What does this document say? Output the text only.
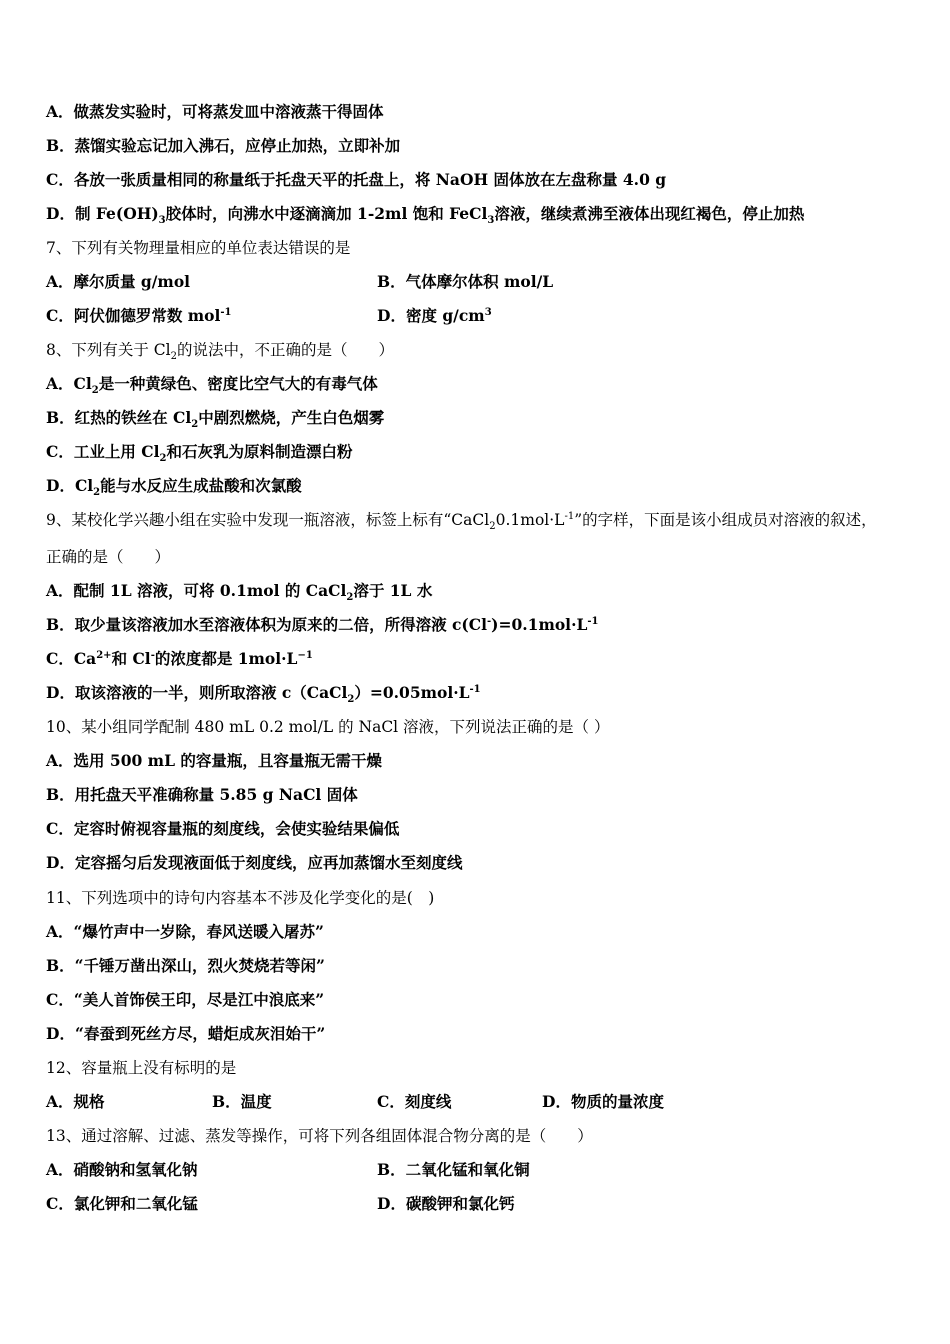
A．做蒸发实验时，可将蒸发皿中溶液蒸干得固体
B．蒸馏实验忘记加入沸石，应停止加热，立即补加
C．各放一张质量相同的称量纸于托盘天平的托盘上，将 NaOH 固体放在左盘称量 4.0 g
D．制 $Fe(OH)_3$胶体时，向沸水中逐滴滴加 1-2ml 饱和 FeCl$_3$溶液，继续煮沸至液体出现红褐色，停止加热
7、下列有关物理量相应的单位表达错误的是
A．摩尔质量 g/mol	B．气体摩尔体积 mol/L
C．阿伏伽德罗常数 mol$^{-1}$	D．密度 $g/cm^3$
8、下列有关于 $Cl_2$的说法中，不正确的是（　　）
A．$Cl_2$是一种黄绿色、密度比空气大的有毒气体
B．红热的铁丝在 $Cl_2$中剧烈燃烧，产生白色烟雾
C．工业上用 $Cl_2$和石灰乳为原料制造漂白粉
D．$Cl_2$能与水反应生成盐酸和次氯酸
9、某校化学兴趣小组在实验中发现一瓶溶液，标签上标有“$CaCl_20.1mol\cdot L^{-1}$”的字样，下面是该小组成员对溶液的叙述，
正确的是（　　）
A．配制 1L 溶液，可将 0.1mol 的 CaCl$_2$溶于 1L 水
B．取少量该溶液加水至溶液体积为原来的二倍，所得溶液 $c(Cl^-)=0.1mol\cdot L^{-1}$
C．$Ca^{2+}$和 Cl-的浓度都是 $1mol\cdot L^{-1}$
D．取该溶液的一半，则所取溶液 $c(CaCl_2)=0.05mol\cdot L^{-1}$
10、某小组同学配制 480 mL 0.2 mol/L 的 NaCl 溶液，下列说法正确的是（ ）
A．选用 500 mL 的容量瓶，且容量瓶无需干燥
B．用托盘天平准确称量 5.85 g NaCl 固体
C．定容时俯视容量瓶的刻度线，会使实验结果偏低
D．定容摇匀后发现液面低于刻度线，应再加蒸馏水至刻度线
11、下列选项中的诗句内容基本不涉及化学变化的是(　)
A．“爆竹声中一岁除，春风送暖入屠苏”
B．“千锤万凿出深山，烈火焚烧若等闲”
C．“美人首饰侯王印，尽是江中浪底来”
D．“春蚕到死丝方尽，蜡炬成灰泪始干”
12、容量瓶上没有标明的是
A．规格	B．温度	C．刻度线	D．物质的量浓度
13、通过溶解、过滤、蒸发等操作，可将下列各组固体混合物分离的是（　　）
A．硝酸钠和氢氧化钠	B．二氧化锰和氧化铜
C．氯化钾和二氧化锰	D．碳酸钾和氯化钙
